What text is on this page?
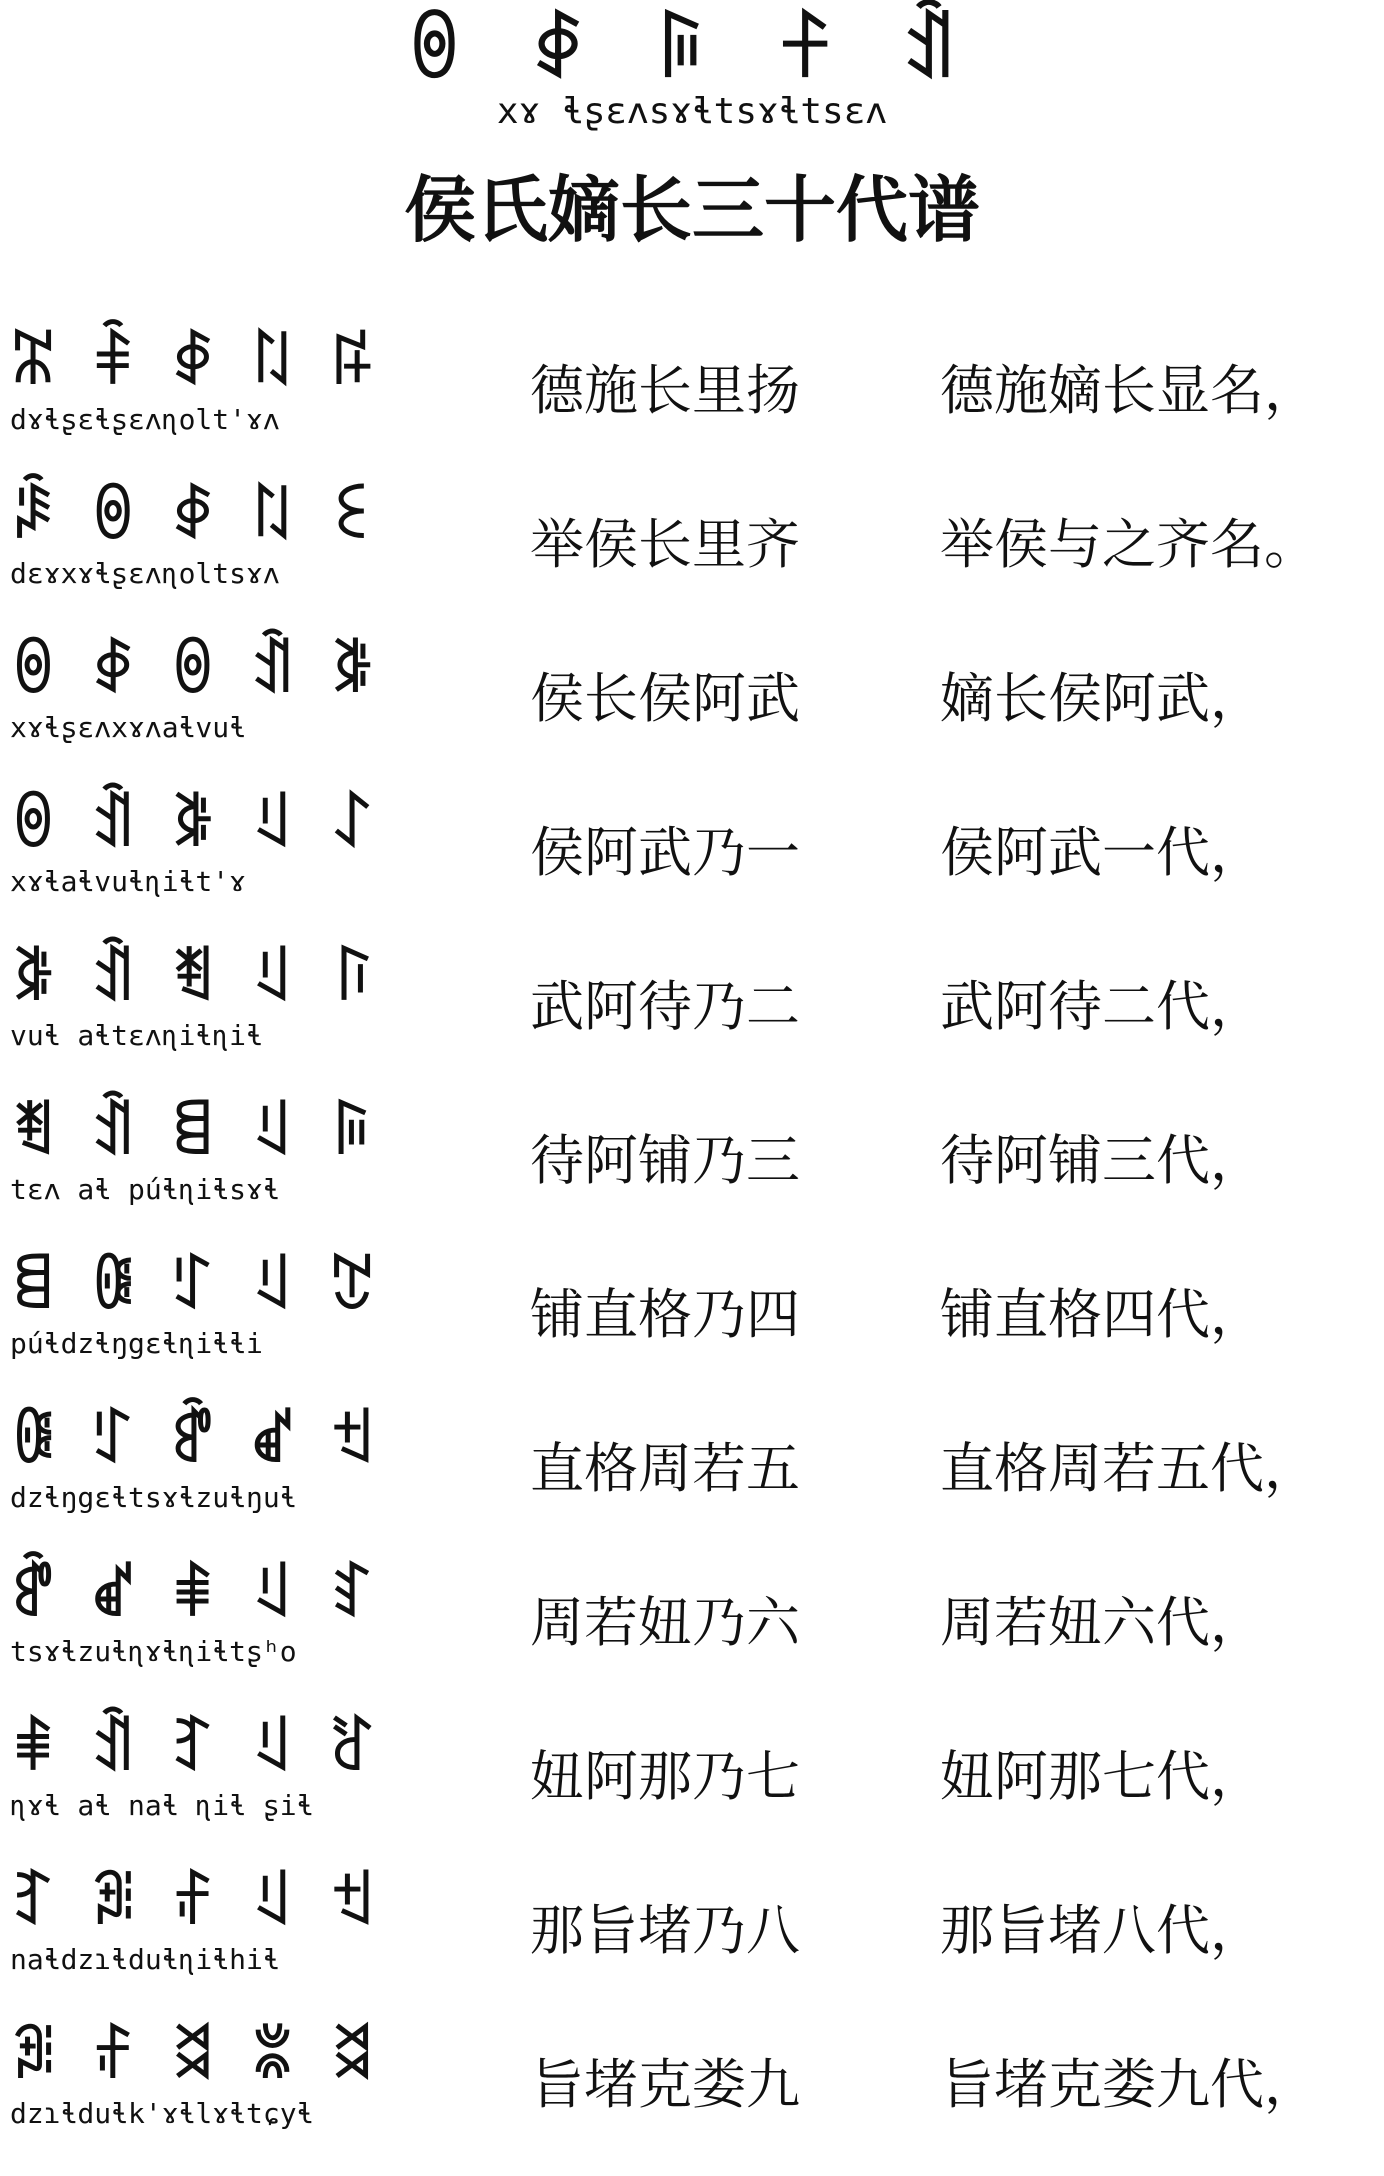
ꉻ ꇉ ꌕ ꊰ ꀉ
xɤ ɬʂɛʌsɤɬtsɤɬtsɛʌ
侯氏嫡长三十代谱
ꄓ ꅩ ꇉ ꇁ ꌬ
dɤɬʂɛɬʂɛʌɳolt'ɤʌ	德施长里扬	德施嫡长显名，
ꄪ ꉻ ꇉ ꇁ ꏂ
dɛɤxɤɬʂɛʌɳoltsɤʌ	举侯长里齐	举侯与之齐名。
ꉻ ꇉ ꉻ ꀉ ꃗ
xɤɬʂɛʌxɤʌaɬvuɬ	侯长侯阿武	嫡长侯阿武，
ꉻ ꀉ ꃗ ꆹ ꋍ
xɤɬaɬvuɬɳiɬt'ɤ	侯阿武乃一	侯阿武一代，
ꃗ ꀉ ꄮ ꆹ ꑍ
vuɬ aɬtɛʌɳiɬɳiɬ	武阿待乃二	武阿待二代，
ꄮ ꀉ ꁌ ꆹ ꌕ
tɛʌ aɬ púɬɳiɬsɤɬ	待阿铺乃三	待阿铺三代，
ꁌ ꍆ ꇰ ꆹ ꇖ
púɬdzɬŋgɛɬɳiɬɬi	铺直格乃四	铺直格四代，
ꍆ ꇰ ꍖ ꑱ ꉬ
dzɬŋgɛɬtsɤɬzuɬŋuɬ	直格周若五	直格周若五代，
ꍖ ꑱ ꑌ ꆹ ꆏ
tsɤɬzuɬɳɤɬɳiɬtʂʰo	周若妞乃六	周若妞六代，
ꑌ ꀉ ꆈ ꆹ ꋒ
ɳɤɬ aɬ naɬ ɳiɬ ʂiɬ	妞阿那乃七	妞阿那七代，
ꆈ ꍃ ꄙ ꆹ ꉬ
naɬdzɿɬduɬɳiɬhiɬ	那旨堵乃八	那旨堵八代，
ꍃ ꄙ ꈬ ꇢ ꈬ
dzɿɬduɬk'ɤɬlɤɬtɕyɬ	旨堵克娄九	旨堵克娄九代，
